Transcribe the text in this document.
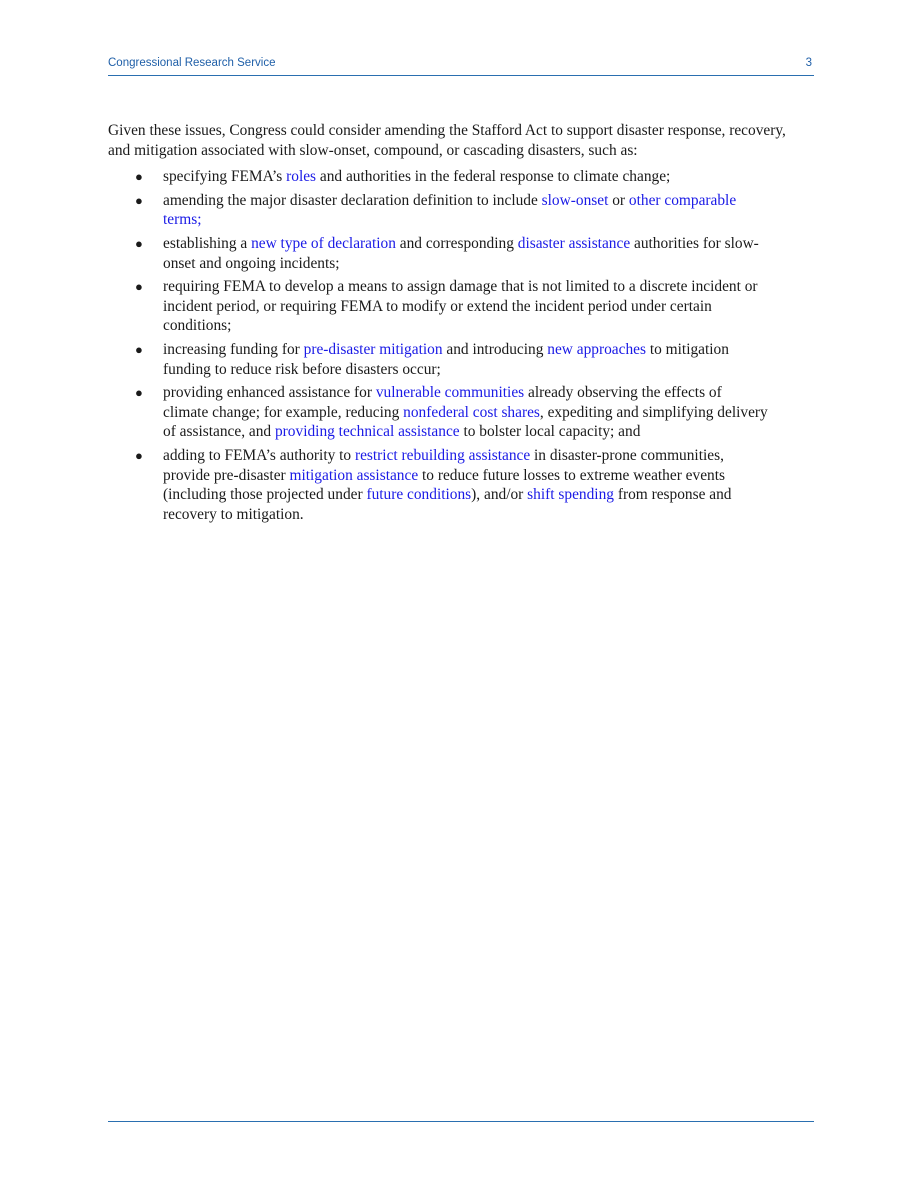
Congressional Research Service	3

Given these issues, Congress could consider amending the Stafford Act to support disaster response, recovery, and mitigation associated with slow-onset, compound, or cascading disasters, such as:

● specifying FEMA’s roles and authorities in the federal response to climate change;
● amending the major disaster declaration definition to include slow-onset or other comparable terms;
● establishing a new type of declaration and corresponding disaster assistance authorities for slow-onset and ongoing incidents;
● requiring FEMA to develop a means to assign damage that is not limited to a discrete incident or incident period, or requiring FEMA to modify or extend the incident period under certain conditions;
● increasing funding for pre-disaster mitigation and introducing new approaches to mitigation funding to reduce risk before disasters occur;
● providing enhanced assistance for vulnerable communities already observing the effects of climate change; for example, reducing nonfederal cost shares, expediting and simplifying delivery of assistance, and providing technical assistance to bolster local capacity; and
● adding to FEMA’s authority to restrict rebuilding assistance in disaster-prone communities, provide pre-disaster mitigation assistance to reduce future losses to extreme weather events (including those projected under future conditions), and/or shift spending from response and recovery to mitigation.
